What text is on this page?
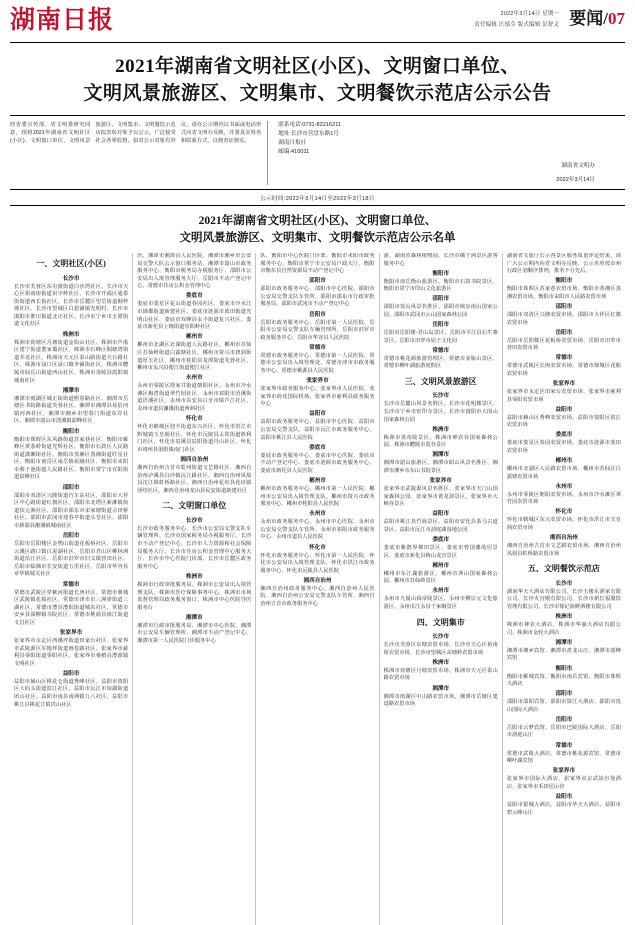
湖南日报	2022年3月14日 星期一
责任编辑 匡郁芬 版式编辑 彭舒文 要闻/07
2021年湖南省文明社区(小区)、文明窗口单位、
文明风景旅游区、文明集市、文明餐饮示范店公示公告
经省委宣传部、省文明委研究同意，现将2021年湖南省文明社区(小区)、文明窗口单位、文明风景旅游区、文明集市、文明餐饮示范店拟表彰对象予以公示，广泛接受社会各界监督。如对公示对象有异议，请在公示期内以书面或电话形式向省文明办反映，并署真实姓名和联系方式，以便查证核实。
联系电话:0731-82216211
地址:长沙市营盘东路1号
湖南日报社
邮编:410011
湖南省文明办
2022年3月14日
公示时间:2022年3月14日至2022年3月18日
2021年湖南省文明社区(小区)、文明窗口单位、
文明风景旅游区、文明集市、文明餐饮示范店公示名单
一、文明社区(小区)
长沙市
长沙市芙蓉区东屯渡街道白沙湾社区、长沙市天心区裕南街街道识字岭社区、长沙市开福区通泰街街道西长街社区、长沙市岳麓区望岳街道桐梓坡社区、长沙市望城区白箬铺镇光明村、长沙市浏阳市淮川街道北正社区、长沙市宁乡市玉潭街道文化社区
株洲市
株洲市荷塘区月塘街道金钩山社区、株洲市芦淞区建宁街道董家塅社区、株洲市石峰区铜塘湾街道井龙社区、株洲市天元区泰山路街道天台路社区、株洲市渌口区渌口镇伞铺街社区、株洲市醴陵市仙岳山街道西山社区、株洲市炎陵县霞阳镇城南社区
湘潭市
湘潭市雨湖区城正街街道熙春路社区、湘潭市岳塘区书院路街道芙蓉社区、湘潭市湘潭县易俗河镇河西社区、湘潭市湘乡市望春门街道东岸社区、湘潭市韶山市清溪镇韶峰社区
衡阳市
衡阳市珠晖区东风路街道苏家巷社区、衡阳市雁峰区黄茶岭街道光辉社区、衡阳市石鼓区人民路街道潇湘街社区、衡阳市蒸湘区蒸湘街道红星社区、衡阳市南岳区南岳镇祝融社区、衡阳市耒阳市蔡子池街道人民路社区、衡阳市常宁市宜阳街道泉峰社区
邵阳市
邵阳市双清区兴隆街道汽车站社区、邵阳市大祥区中心路街道红旗社区、邵阳市北塔区新滩镇街道状元洲社区、邵阳市邵东市宋家塘街道佘田桥社区、邵阳市武冈市迎春亭街道头堂社区、邵阳市新邵县酿溪镇城南社区
岳阳市
岳阳市岳阳楼区金鹗山街道花板桥社区、岳阳市云溪区路口镇白泥湖社区、岳阳市君山区柳林洲街道沿江社区、岳阳市汨罗市归义镇营田社区、岳阳市临湘市长安街道五里社区、岳阳市华容县章华镇城关社区
常德市
常德市武陵区穿紫河街道长庚社区、常德市鼎城区武陵镇花船社区、常德市津市市三洲驿街道三湖社区、常德市澧县澧阳街道城东社区、常德市安乡县深柳镇书院社区、常德市桃源县漳江街道文昌社区
张家界市
张家界市永定区西溪坪街道田家台社区、张家界市武陵源区军地坪街道画卷路社区、张家界市慈利县零阳街道零阳社区、张家界市桑植县澧源镇文明社区
益阳市
益阳市赫山区桃花仑街道秀峰社区、益阳市资阳区大码头街道滨江社区、益阳市沅江市琼湖街道团山社区、益阳市南县南洲镇九八社区、益阳市桃江县桃花江镇洪山社区
医、湘潭市湘潭县人民医院、湘潭市湘乡市公安局交警大队公示窗口服务站、湘潭市韶山市政务服务中心、衡阳市税务局办税服务厅、邵阳市公安局出入境管理服务大厅、岳阳市不动产登记中心、常德市住房公积金管理中心
娄底市
娄底市娄星区花山街道春园社区、娄底市冷水江市锑都街道新建社区、娄底市涟源市蓝田街道光明山社区、娄底市双峰县永丰街道复兴社区、娄底市新化县上梅街道崇阳岭社区
郴州市
郴州市北湖区北湖街道人民路社区、郴州市苏仙区苏仙岭街道白露塘社区、郴州市资兴市唐洞街道厚玉社区、郴州市桂阳县龙潭街道芙蓉社区、郴州市永兴县便江街道便江社区
永州市
永州市零陵区徐家井街道朝阳社区、永州市冷水滩区梅湾街道翠竹园社区、永州市祁阳市浯溪街道浯溪社区、永州市东安县白牙市镇芦江社区、永州市道县濂溪街道西洲社区
怀化市
怀化市鹤城区迎丰街道东兴社区、怀化市洪江市黔城镇玉皇阁社区、怀化市沅陵县太常街道胜利门社区、怀化市辰溪县辰阳街道丹山社区、怀化市靖州县渠阳镇南门社区
湘西自治州
湘西自治州吉首市乾州街道文艺路社区、湘西自治州泸溪县白沙镇沅江路社区、湘西自治州凤凰县沱江镇虹桥路社区、湘西自治州花垣县花垣镇团结社区、湘西自治州龙山县民安街道新建社区
二、文明窗口单位
长沙市
长沙市政务服务中心、长沙市公安局交警支队车辆管理所、长沙市国家税务局办税服务厅、长沙市不动产登记中心、长沙市人力资源和社会保障局服务大厅、长沙市住房公积金管理中心服务大厅、长沙市中心医院门诊部、长沙市岳麓区政务服务中心
株洲市
株洲市行政审批服务局、株洲市公安局出入境管理支队、株洲市医疗保障事务中心、株洲市市场监督管理局政务服务窗口、株洲市中心医院导医服务台
湘潭市
湘潭市行政审批服务局、湘潭市中心医院、湘潭市公安局车辆管理所、湘潭市不动产登记中心、湘潭市第一人民医院门诊服务中心
队、衡阳市中心医院门诊部、衡阳市耒阳市政务服务中心、衡阳市常宁市公安局户政大厅、衡阳市衡东县自然资源局不动产登记中心
邵阳市
邵阳市政务服务中心、邵阳市中心医院、邵阳市公安局交警支队车管所、邵阳市邵东市行政审批服务局、邵阳市武冈市不动产登记中心
岳阳市
岳阳市政务服务中心、岳阳市第一人民医院、岳阳市公安局交警支队车辆管理所、岳阳市汨罗市政务服务中心、岳阳市华容县人民医院
常德市
常德市政务服务中心、常德市第一人民医院、常德市公安局出入境管理处、常德市津市市政务服务中心、常德市桃源县人民医院
张家界市
张家界市政务服务中心、张家界市人民医院、张家界市荷花国际机场、张家界市慈利县政务服务中心
益阳市
益阳市政务服务中心、益阳市中心医院、益阳市公安局交警支队、益阳市沅江市政务服务中心、益阳市桃江县人民医院
娄底市
娄底市政务服务中心、娄底市中心医院、娄底市不动产登记中心、娄底市涟源市政务服务中心、娄底市新化县人民医院
郴州市
郴州市政务服务中心、郴州市第一人民医院、郴州市公安局出入境管理支队、郴州市资兴市政务服务中心、郴州市桂阳县人民医院
永州市
永州市政务服务中心、永州市中心医院、永州市公安局交警支队车管所、永州市祁阳市政务服务中心、永州市道县人民医院
怀化市
怀化市政务服务中心、怀化市第一人民医院、怀化市公安局出入境管理支队、怀化市洪江市政务服务中心、怀化市沅陵县人民医院
湘西自治州
湘西自治州政务服务中心、湘西自治州人民医院、湘西自治州公安局交警支队车管所、湘西自治州吉首市政务服务中心
游、湖南省森林植物园、长沙市橘子洲景区游客服务中心
衡阳市
衡阳市南岳衡山旅游区、衡阳市石鼓书院景区、衡阳市常宁市印山文化旅游区
邵阳市
邵阳市崀山风景名胜区、邵阳市城步南山国家公园、邵阳市武冈市云山国家森林公园
岳阳市
岳阳市岳阳楼·君山岛景区、岳阳市平江县石牛寨景区、岳阳市汨罗市屈子文化园
常德市
常德市桃花源旅游管理区、常德市壶瓶山景区、常德市柳叶湖旅游度假区
三、文明风景旅游区
长沙市
长沙市岳麓山风景名胜区、长沙市花明楼景区、长沙市宁乡市密印寺景区、长沙市浏阳市大围山国家森林公园
株洲市
株洲市炎帝陵景区、株洲市神农谷国家森林公园、株洲市醴陵市瓷谷景区
湘潭市
湘潭市韶山旅游区、湘潭市昭山风景名胜区、湘潭市湘乡市东山书院景区
张家界市
张家界市武陵源风景名胜区、张家界市天门山国家森林公园、张家界市黄龙洞景区、张家界市大峡谷景区
益阳市
益阳市桃江县竹海景区、益阳市安化县茶马古道景区、益阳市沅江市洞庭湖湿地公园
娄底市
娄底市紫鹊界梯田景区、娄底市曾国藩故居景区、娄底市新化县梅山龙宫景区
郴州市
郴州市东江湖旅游区、郴州市莽山国家森林公园、郴州市苏仙岭景区
永州市
永州市九嶷山舜帝陵景区、永州市柳宗元文化旅游区、永州市江永县千家峒景区
四、文明集市
长沙市
长沙市芙蓉区东塘农贸市场、长沙市天心区裕南街农贸市场、长沙市望城区高塘岭农贸市场
株洲市
株洲市荷塘区月塘农贸市场、株洲市天元区泰山路农贸市场
湘潭市
湘潭市雨湖区中山路农贸市场、湘潭市岳塘区建设路农贸市场
湖南省文旅厅公示各景区服务质量评定结果，请广大公示期内向省文明办反映。公示名单按市州行政区划顺序排列，排名不分先后。
衡阳市
衡阳市珠晖区苏家巷农贸市场、衡阳市蒸湘区蒸湘农贸市场、衡阳市耒阳市人民路农贸市场
邵阳市
邵阳市双清区兴隆农贸市场、邵阳市大祥区红旗农贸市场
岳阳市
岳阳市岳阳楼区花板桥农贸市场、岳阳市汨罗市营田农贸市场
常德市
常德市武陵区长庚农贸市场、常德市鼎城区花船农贸市场
张家界市
张家界市永定区田家台农贸市场、张家界市慈利县零阳农贸市场
益阳市
益阳市赫山区秀峰农贸市场、益阳市资阳区滨江农贸市场
娄底市
娄底市娄星区春园农贸市场、娄底市涟源市蓝田农贸市场
郴州市
郴州市北湖区人民路农贸市场、郴州市苏仙区白露塘农贸市场
永州市
永州市零陵区朝阳农贸市场、永州市冷水滩区翠竹园农贸市场
怀化市
怀化市鹤城区东兴农贸市场、怀化市洪江市玉皇阁农贸市场
湘西自治州
湘西自治州吉首市文艺路农贸市场、湘西自治州凤凰县虹桥路农贸市场
五、文明餐饮示范店
长沙市
湖南华天大酒店有限公司、长沙玉楼东酒家有限公司、长沙火宫殿有限公司、长沙市新长福餐饮管理有限公司、长沙市徐记海鲜酒楼有限公司
株洲市
株洲市神农大酒店、株洲市华丽大酒店有限公司、株洲市金轮大酒店
湘潭市
湘潭市湘乡宾馆、湘潭市盘龙山庄、湘潭市韶峰宾馆
衡阳市
衡阳市雁城宾馆、衡阳市南岳宾馆、衡阳市珠晖大酒店
邵阳市
邵阳市邵阳宾馆、邵阳市资江大酒店、邵阳市崀山国际大酒店
岳阳市
岳阳市云梦宾馆、岳阳市巴陵国际大酒店、岳阳市洞庭山庄
常德市
常德市武陵大酒店、常德市桃花源宾馆、常德市柳叶湖宾馆
张家界市
张家界市国际大酒店、张家界市京武铂尔曼酒店、张家界市禾田居山谷
益阳市
益阳市银城大酒店、益阳市华天大酒店、益阳市碧云峰山庄
